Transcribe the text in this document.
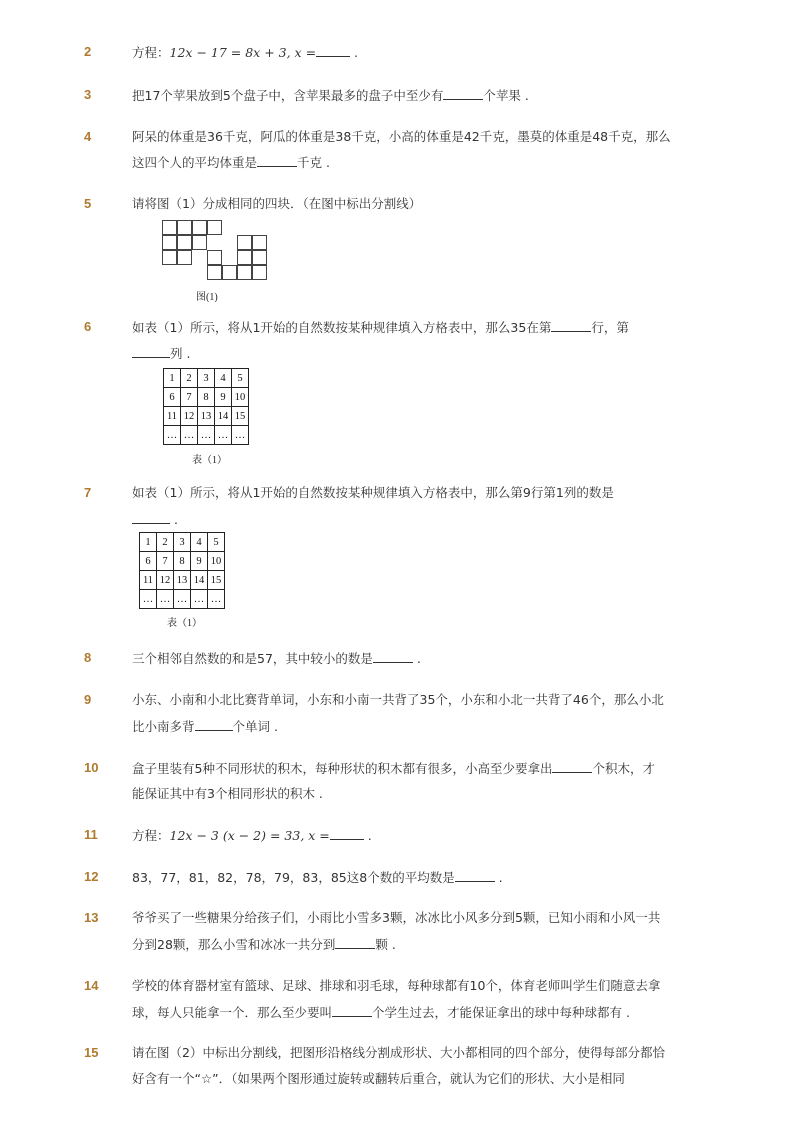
2	方程：12x − 17 = 8x + 3, x =	.
3	把17个苹果放到5个盘子中，含苹果最多的盘子中至少有	个苹果 .
4	阿呆的体重是36千克，阿瓜的体重是38千克，小高的体重是42千克，墨莫的体重是48千克，那么
这四个人的平均体重是	千克 .
5	请将图（1）分成相同的四块．（在图中标出分割线）
图(1)
6	如表（1）所示，将从1开始的自然数按某种规律填入方格表中，那么35在第	行，第
列 .
1	2	3	4	5
6	7	8	9	10
11	12	13	14	15
…	…	…	…	…
表（1）
7	如表（1）所示，将从1开始的自然数按某种规律填入方格表中，那么第9行第1列的数是
.
1	2	3	4	5
6	7	8	9	10
11	12	13	14	15
…	…	…	…	…
表（1）
8	三个相邻自然数的和是57，其中较小的数是	.
9	小东、小南和小北比赛背单词，小东和小南一共背了35个，小东和小北一共背了46个，那么小北
比小南多背	个单词 .
10	盒子里装有5种不同形状的积木，每种形状的积木都有很多，小高至少要拿出	个积木，才
能保证其中有3个相同形状的积木 .
11	方程：12x − 3 (x − 2) = 33, x =	.
12	83，77，81，82，78，79，83，85这8个数的平均数是	.
13	爷爷买了一些糖果分给孩子们，小雨比小雪多3颗，冰冰比小风多分到5颗，已知小雨和小风一共
分到28颗，那么小雪和冰冰一共分到	颗 .
14	学校的体育器材室有篮球、足球、排球和羽毛球，每种球都有10个，体育老师叫学生们随意去拿
球，每人只能拿一个．那么至少要叫	个学生过去，才能保证拿出的球中每种球都有 .
15	请在图（2）中标出分割线，把图形沿格线分割成形状、大小都相同的四个部分，使得每部分都恰
好含有一个“☆”．（如果两个图形通过旋转或翻转后重合，就认为它们的形状、大小是相同
